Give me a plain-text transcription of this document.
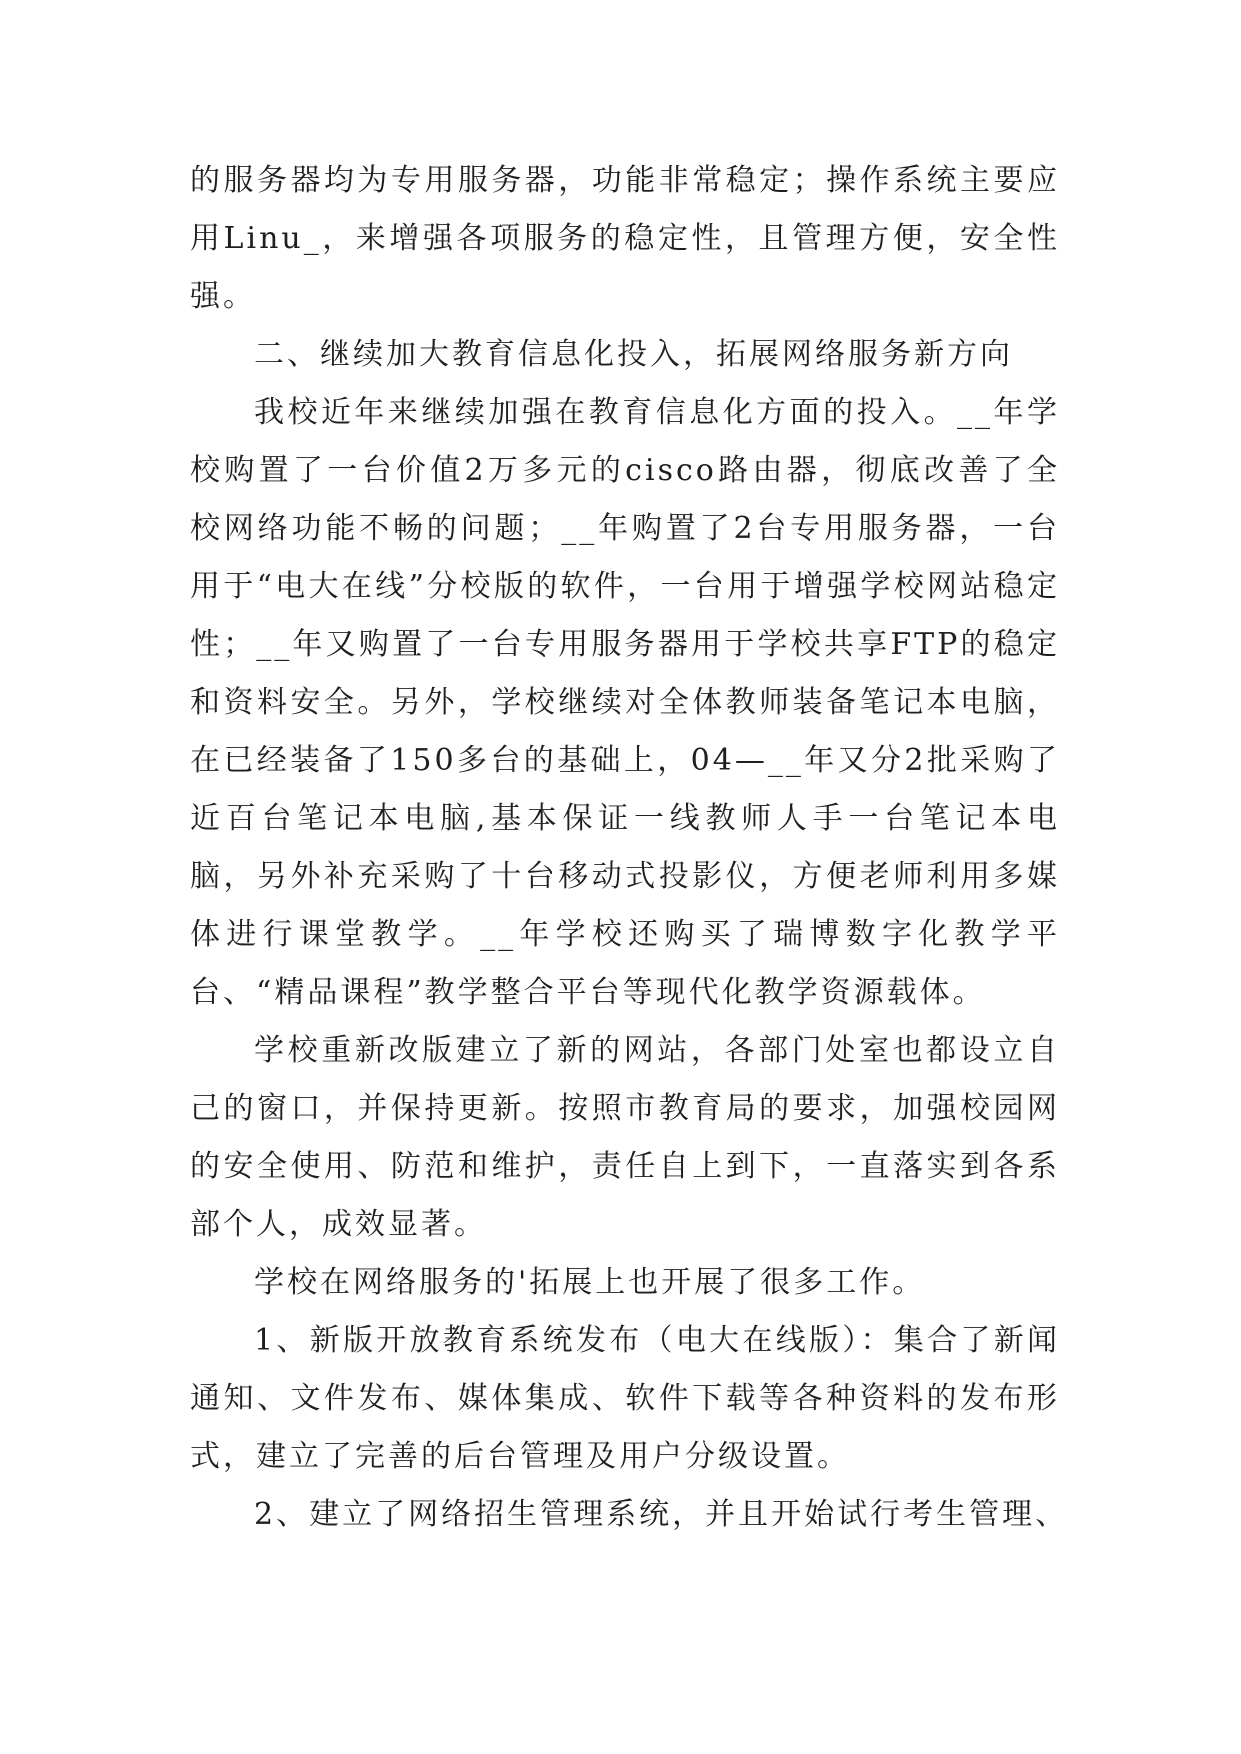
的服务器均为专用服务器，功能非常稳定；操作系统主要应用Linu_，来增强各项服务的稳定性，且管理方便，安全性强。

二、继续加大教育信息化投入，拓展网络服务新方向

我校近年来继续加强在教育信息化方面的投入。__年学校购置了一台价值2万多元的cisco路由器，彻底改善了全校网络功能不畅的问题；__年购置了2台专用服务器，一台用于“电大在线”分校版的软件，一台用于增强学校网站稳定性；__年又购置了一台专用服务器用于学校共享FTP的稳定和资料安全。另外，学校继续对全体教师装备笔记本电脑，在已经装备了150多台的基础上，04—__年又分2批采购了近百台笔记本电脑,基本保证一线教师人手一台笔记本电脑，另外补充采购了十台移动式投影仪，方便老师利用多媒体进行课堂教学。__年学校还购买了瑞博数字化教学平台、“精品课程”教学整合平台等现代化教学资源载体。

学校重新改版建立了新的网站，各部门处室也都设立自己的窗口，并保持更新。按照市教育局的要求，加强校园网的安全使用、防范和维护，责任自上到下，一直落实到各系部个人，成效显著。

学校在网络服务的'拓展上也开展了很多工作。

1、新版开放教育系统发布（电大在线版）：集合了新闻通知、文件发布、媒体集成、软件下载等各种资料的发布形式，建立了完善的后台管理及用户分级设置。

2、建立了网络招生管理系统，并且开始试行考生管理、
